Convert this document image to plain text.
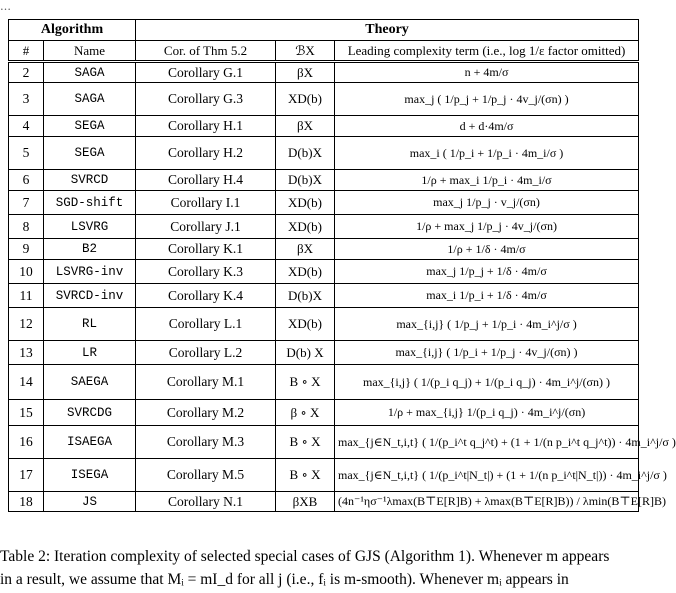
…
Algorithm		Theory		
#	Name	Cor. of Thm 5.2	ℬX	Leading complexity term (i.e., log 1/ε factor omitted)
2	SAGA	Corollary G.1	βX	n + 4m/σ
3	SAGA	Corollary G.3	XD(b)	max_j ( 1/p_j + 1/p_j · 4v_j/(σn) )
4	SEGA	Corollary H.1	βX	d + d·4m/σ
5	SEGA	Corollary H.2	D(b)X	max_i ( 1/p_i + 1/p_i · 4m_i/σ )
6	SVRCD	Corollary H.4	D(b)X	1/ρ + max_i 1/p_i · 4m_i/σ
7	SGD-shift	Corollary I.1	XD(b)	max_j 1/p_j · v_j/(σn)
8	LSVRG	Corollary J.1	XD(b)	1/ρ + max_j 1/p_j · 4v_j/(σn)
9	B2	Corollary K.1	βX	1/ρ + 1/δ · 4m/σ
10	LSVRG-inv	Corollary K.3	XD(b)	max_j 1/p_j + 1/δ · 4m/σ
11	SVRCD-inv	Corollary K.4	D(b)X	max_i 1/p_i + 1/δ · 4m/σ
12	RL	Corollary L.1	XD(b)	max_{i,j} ( 1/p_j + 1/p_i · 4m_i^j/σ )
13	LR	Corollary L.2	D(b) X	max_{i,j} ( 1/p_i + 1/p_j · 4v_j/(σn) )
14	SAEGA	Corollary M.1	B ∘ X	max_{i,j} ( 1/(p_i q_j) + 1/(p_i q_j) · 4m_i^j/(σn) )
15	SVRCDG	Corollary M.2	β ∘ X	1/ρ + max_{i,j} 1/(p_i q_j) · 4m_i^j/(σn)
16	ISAEGA	Corollary M.3	B ∘ X	max_{j∈N_t,i,t} ( 1/(p_i^t q_j^t) + (1 + 1/(n p_i^t q_j^t)) · 4m_i^j/σ )
17	ISEGA	Corollary M.5	B ∘ X	max_{j∈N_t,i,t} ( 1/(p_i^t|N_t|) + (1 + 1/(n p_i^t|N_t|)) · 4m_i^j/σ )
18	JS	Corollary N.1	βXB	(4n⁻¹ησ⁻¹λmax(B⊤E[R]B) + λmax(B⊤E[R]B)) / λmin(B⊤E[R]B)
Table 2: Iteration complexity of selected special cases of GJS (Algorithm 1). Whenever m appears
in a result, we assume that Mᵢ = mI_d for all j (i.e., fᵢ is m-smooth). Whenever mᵢ appears in
